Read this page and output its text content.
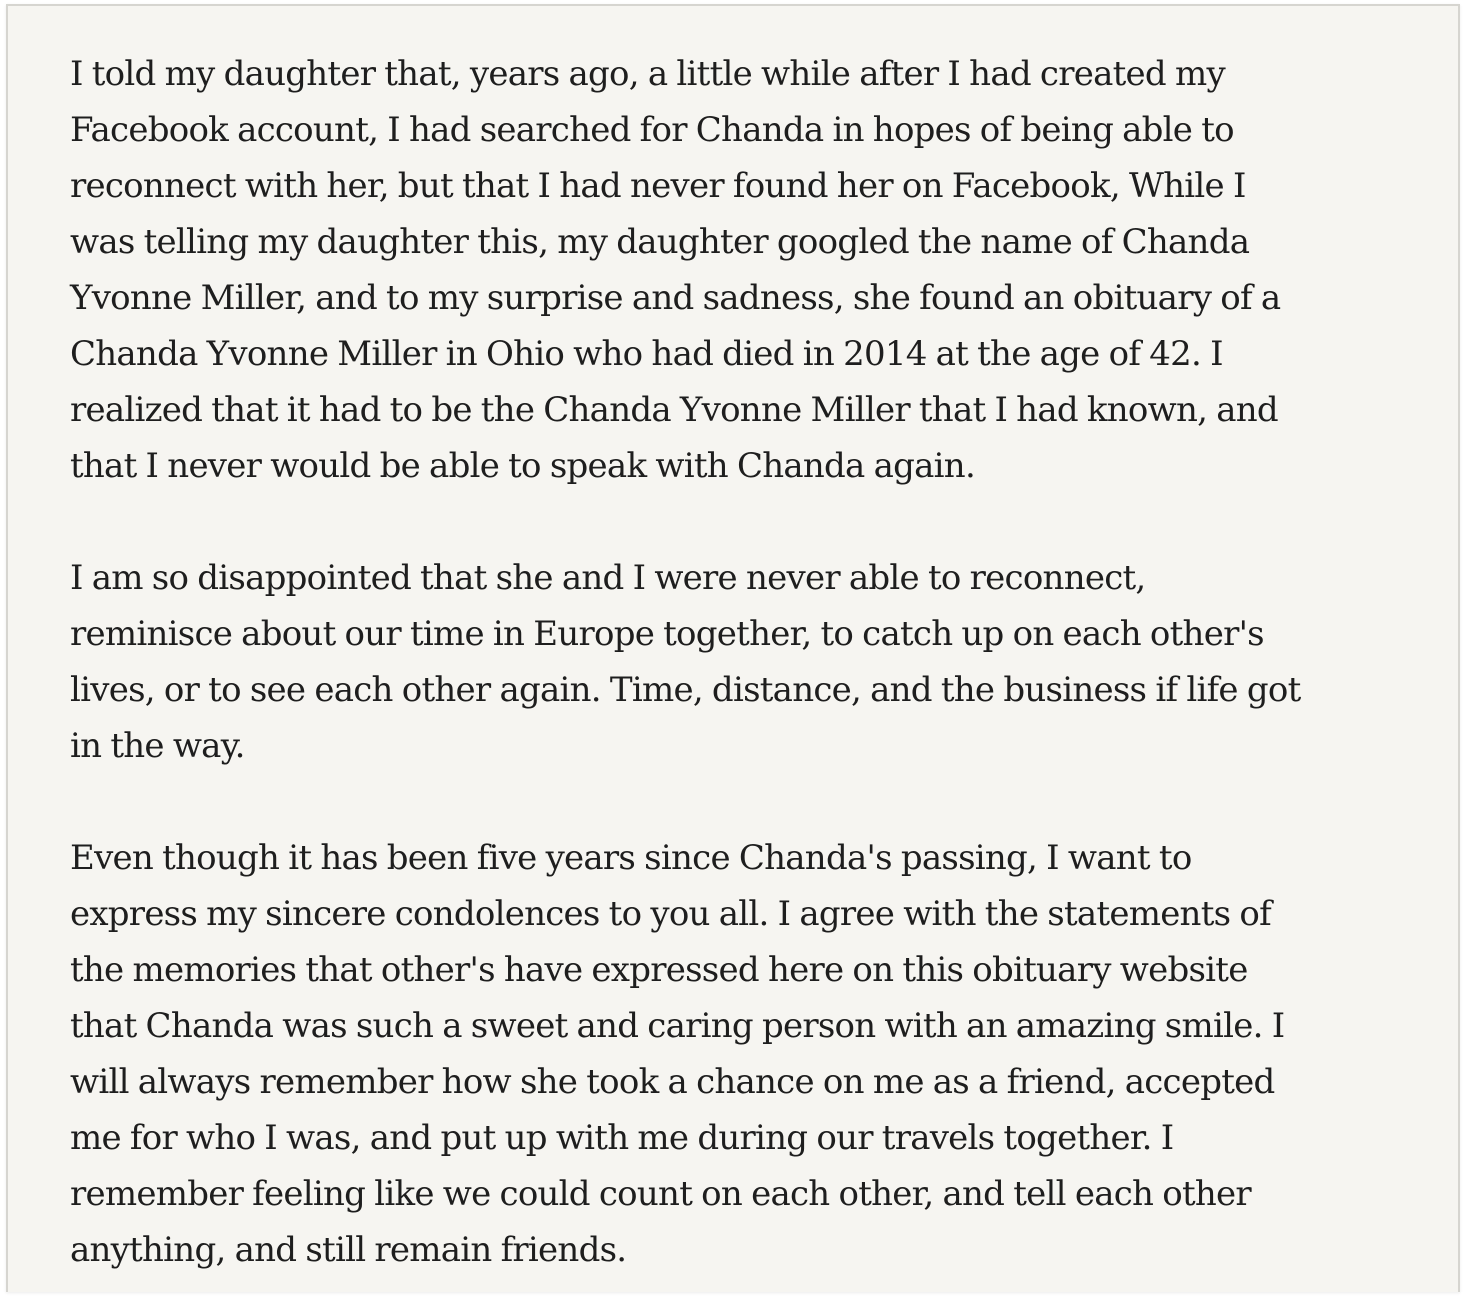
I told my daughter that, years ago, a little while after I had created my
Facebook account, I had searched for Chanda in hopes of being able to
reconnect with her, but that I had never found her on Facebook, While I
was telling my daughter this, my daughter googled the name of Chanda
Yvonne Miller, and to my surprise and sadness, she found an obituary of a
Chanda Yvonne Miller in Ohio who had died in 2014 at the age of 42. I
realized that it had to be the Chanda Yvonne Miller that I had known, and
that I never would be able to speak with Chanda again.

I am so disappointed that she and I were never able to reconnect,
reminisce about our time in Europe together, to catch up on each other's
lives, or to see each other again. Time, distance, and the business if life got
in the way.

Even though it has been five years since Chanda's passing, I want to
express my sincere condolences to you all. I agree with the statements of
the memories that other's have expressed here on this obituary website
that Chanda was such a sweet and caring person with an amazing smile. I
will always remember how she took a chance on me as a friend, accepted
me for who I was, and put up with me during our travels together. I
remember feeling like we could count on each other, and tell each other
anything, and still remain friends.
